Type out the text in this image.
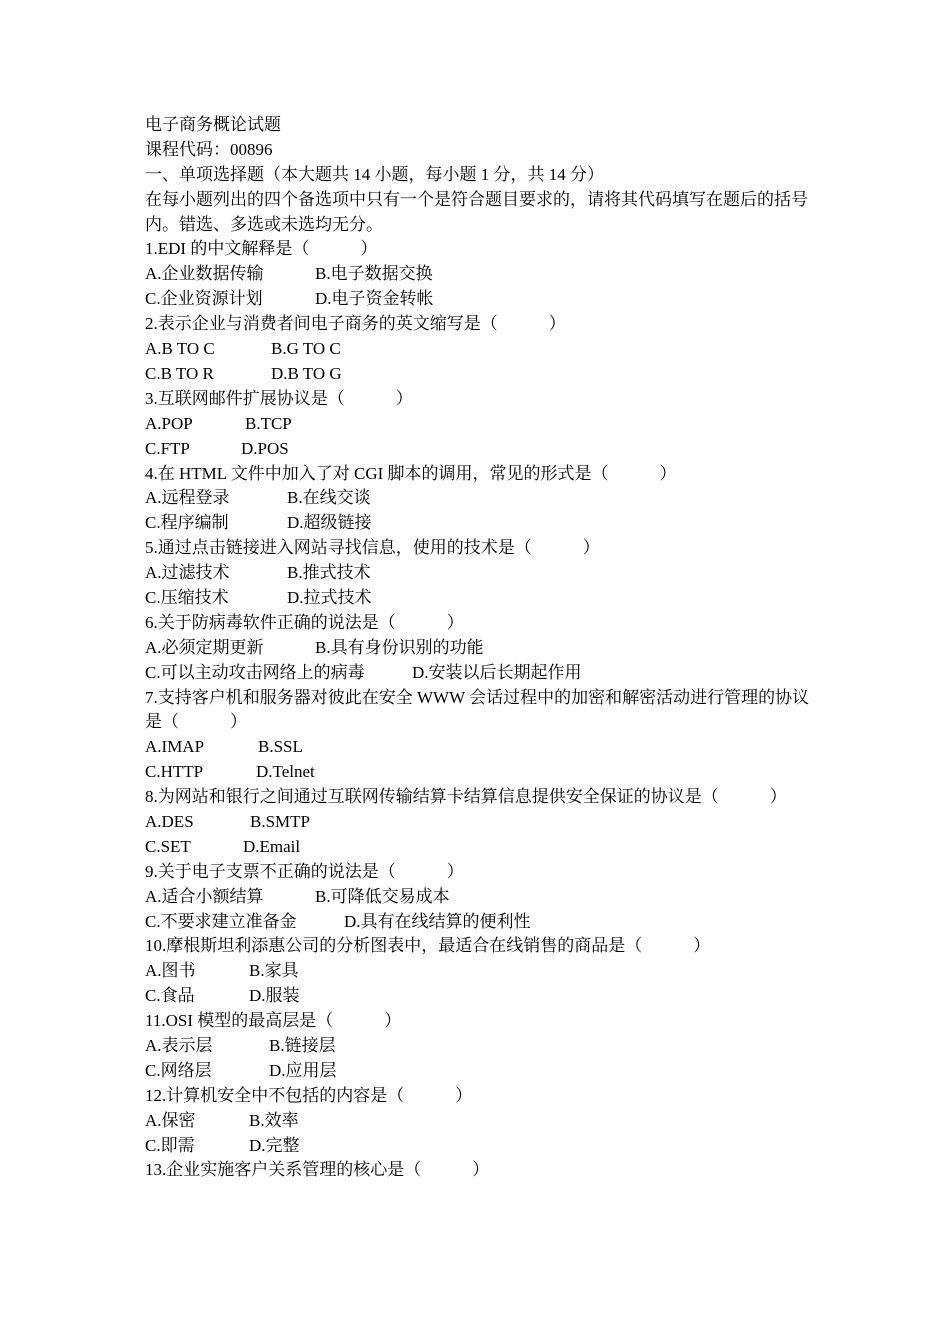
电子商务概论试题
课程代码：00896
一、单项选择题（本大题共 14 小题，每小题 1 分，共 14 分）
在每小题列出的四个备选项中只有一个是符合题目要求的，请将其代码填写在题后的括号内。错选、多选或未选均无分。
1.EDI 的中文解释是（　　　）
A.企业数据传输	B.电子数据交换
C.企业资源计划	D.电子资金转帐
2.表示企业与消费者间电子商务的英文缩写是（　　　）
A.B TO C	B.G TO C
C.B TO R	D.B TO G
3.互联网邮件扩展协议是（　　　）
A.POP	B.TCP
C.FTP	D.POS
4.在 HTML 文件中加入了对 CGI 脚本的调用，常见的形式是（　　　）
A.远程登录	B.在线交谈
C.程序编制	D.超级链接
5.通过点击链接进入网站寻找信息，使用的技术是（　　　）
A.过滤技术	B.推式技术
C.压缩技术	D.拉式技术
6.关于防病毒软件正确的说法是（　　　）
A.必须定期更新	B.具有身份识别的功能
C.可以主动攻击网络上的病毒	D.安装以后长期起作用
7.支持客户机和服务器对彼此在安全 WWW 会话过程中的加密和解密活动进行管理的协议是（　　　）
A.IMAP	B.SSL
C.HTTP	D.Telnet
8.为网站和银行之间通过互联网传输结算卡结算信息提供安全保证的协议是（　　　）
A.DES	B.SMTP
C.SET	D.Email
9.关于电子支票不正确的说法是（　　　）
A.适合小额结算	B.可降低交易成本
C.不要求建立准备金	D.具有在线结算的便利性
10.摩根斯坦利添惠公司的分析图表中，最适合在线销售的商品是（　　　）
A.图书	B.家具
C.食品	D.服装
11.OSI 模型的最高层是（　　　）
A.表示层	B.链接层
C.网络层	D.应用层
12.计算机安全中不包括的内容是（　　　）
A.保密	B.效率
C.即需	D.完整
13.企业实施客户关系管理的核心是（　　　）
